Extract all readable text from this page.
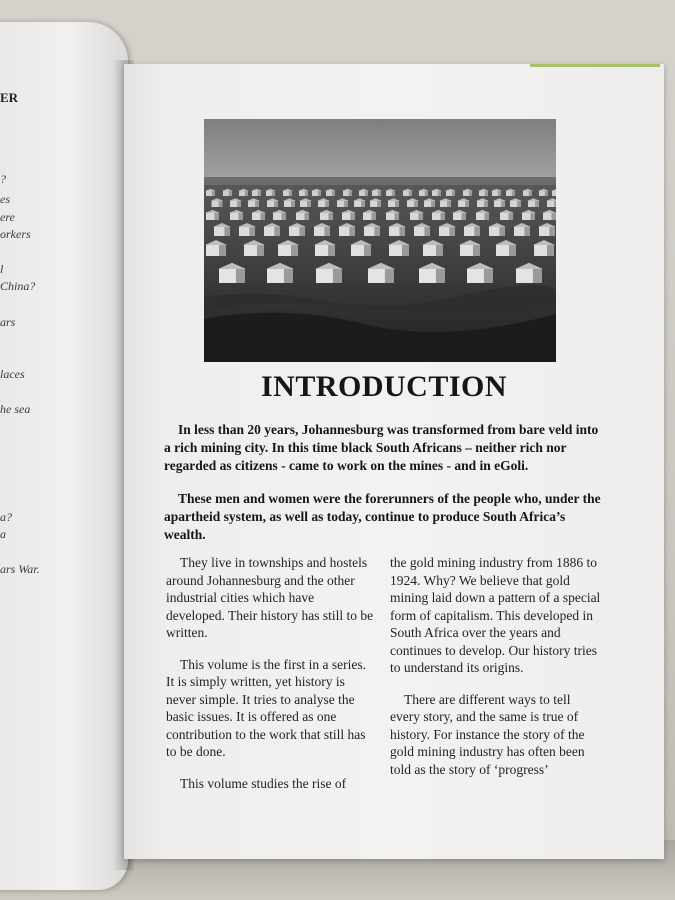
ER
?
es
ere
orkers
l
China?
ars
laces
he sea
a?
a
ars War.
INTRODUCTION

In less than 20 years, Johannesburg was transformed from bare veld into a rich mining city. In this time black South Africans – neither rich nor regarded as citizens - came to work on the mines - and in eGoli.

These men and women were the forerunners of the people who, under the apartheid system, as well as today, continue to produce South Africa’s wealth.

They live in townships and hostels around Johannesburg and the other industrial cities which have developed. Their history has still to be written.

This volume is the first in a series. It is simply written, yet history is never simple. It tries to analyse the basic issues. It is offered as one contribution to the work that still has to be done.

This volume studies the rise of

the gold mining industry from 1886 to 1924. Why? We believe that gold mining laid down a pattern of a special form of capitalism. This developed in South Africa over the years and continues to develop. Our history tries to understand its origins.

There are different ways to tell every story, and the same is true of history. For instance the story of the gold mining industry has often been told as the story of ‘progress’
